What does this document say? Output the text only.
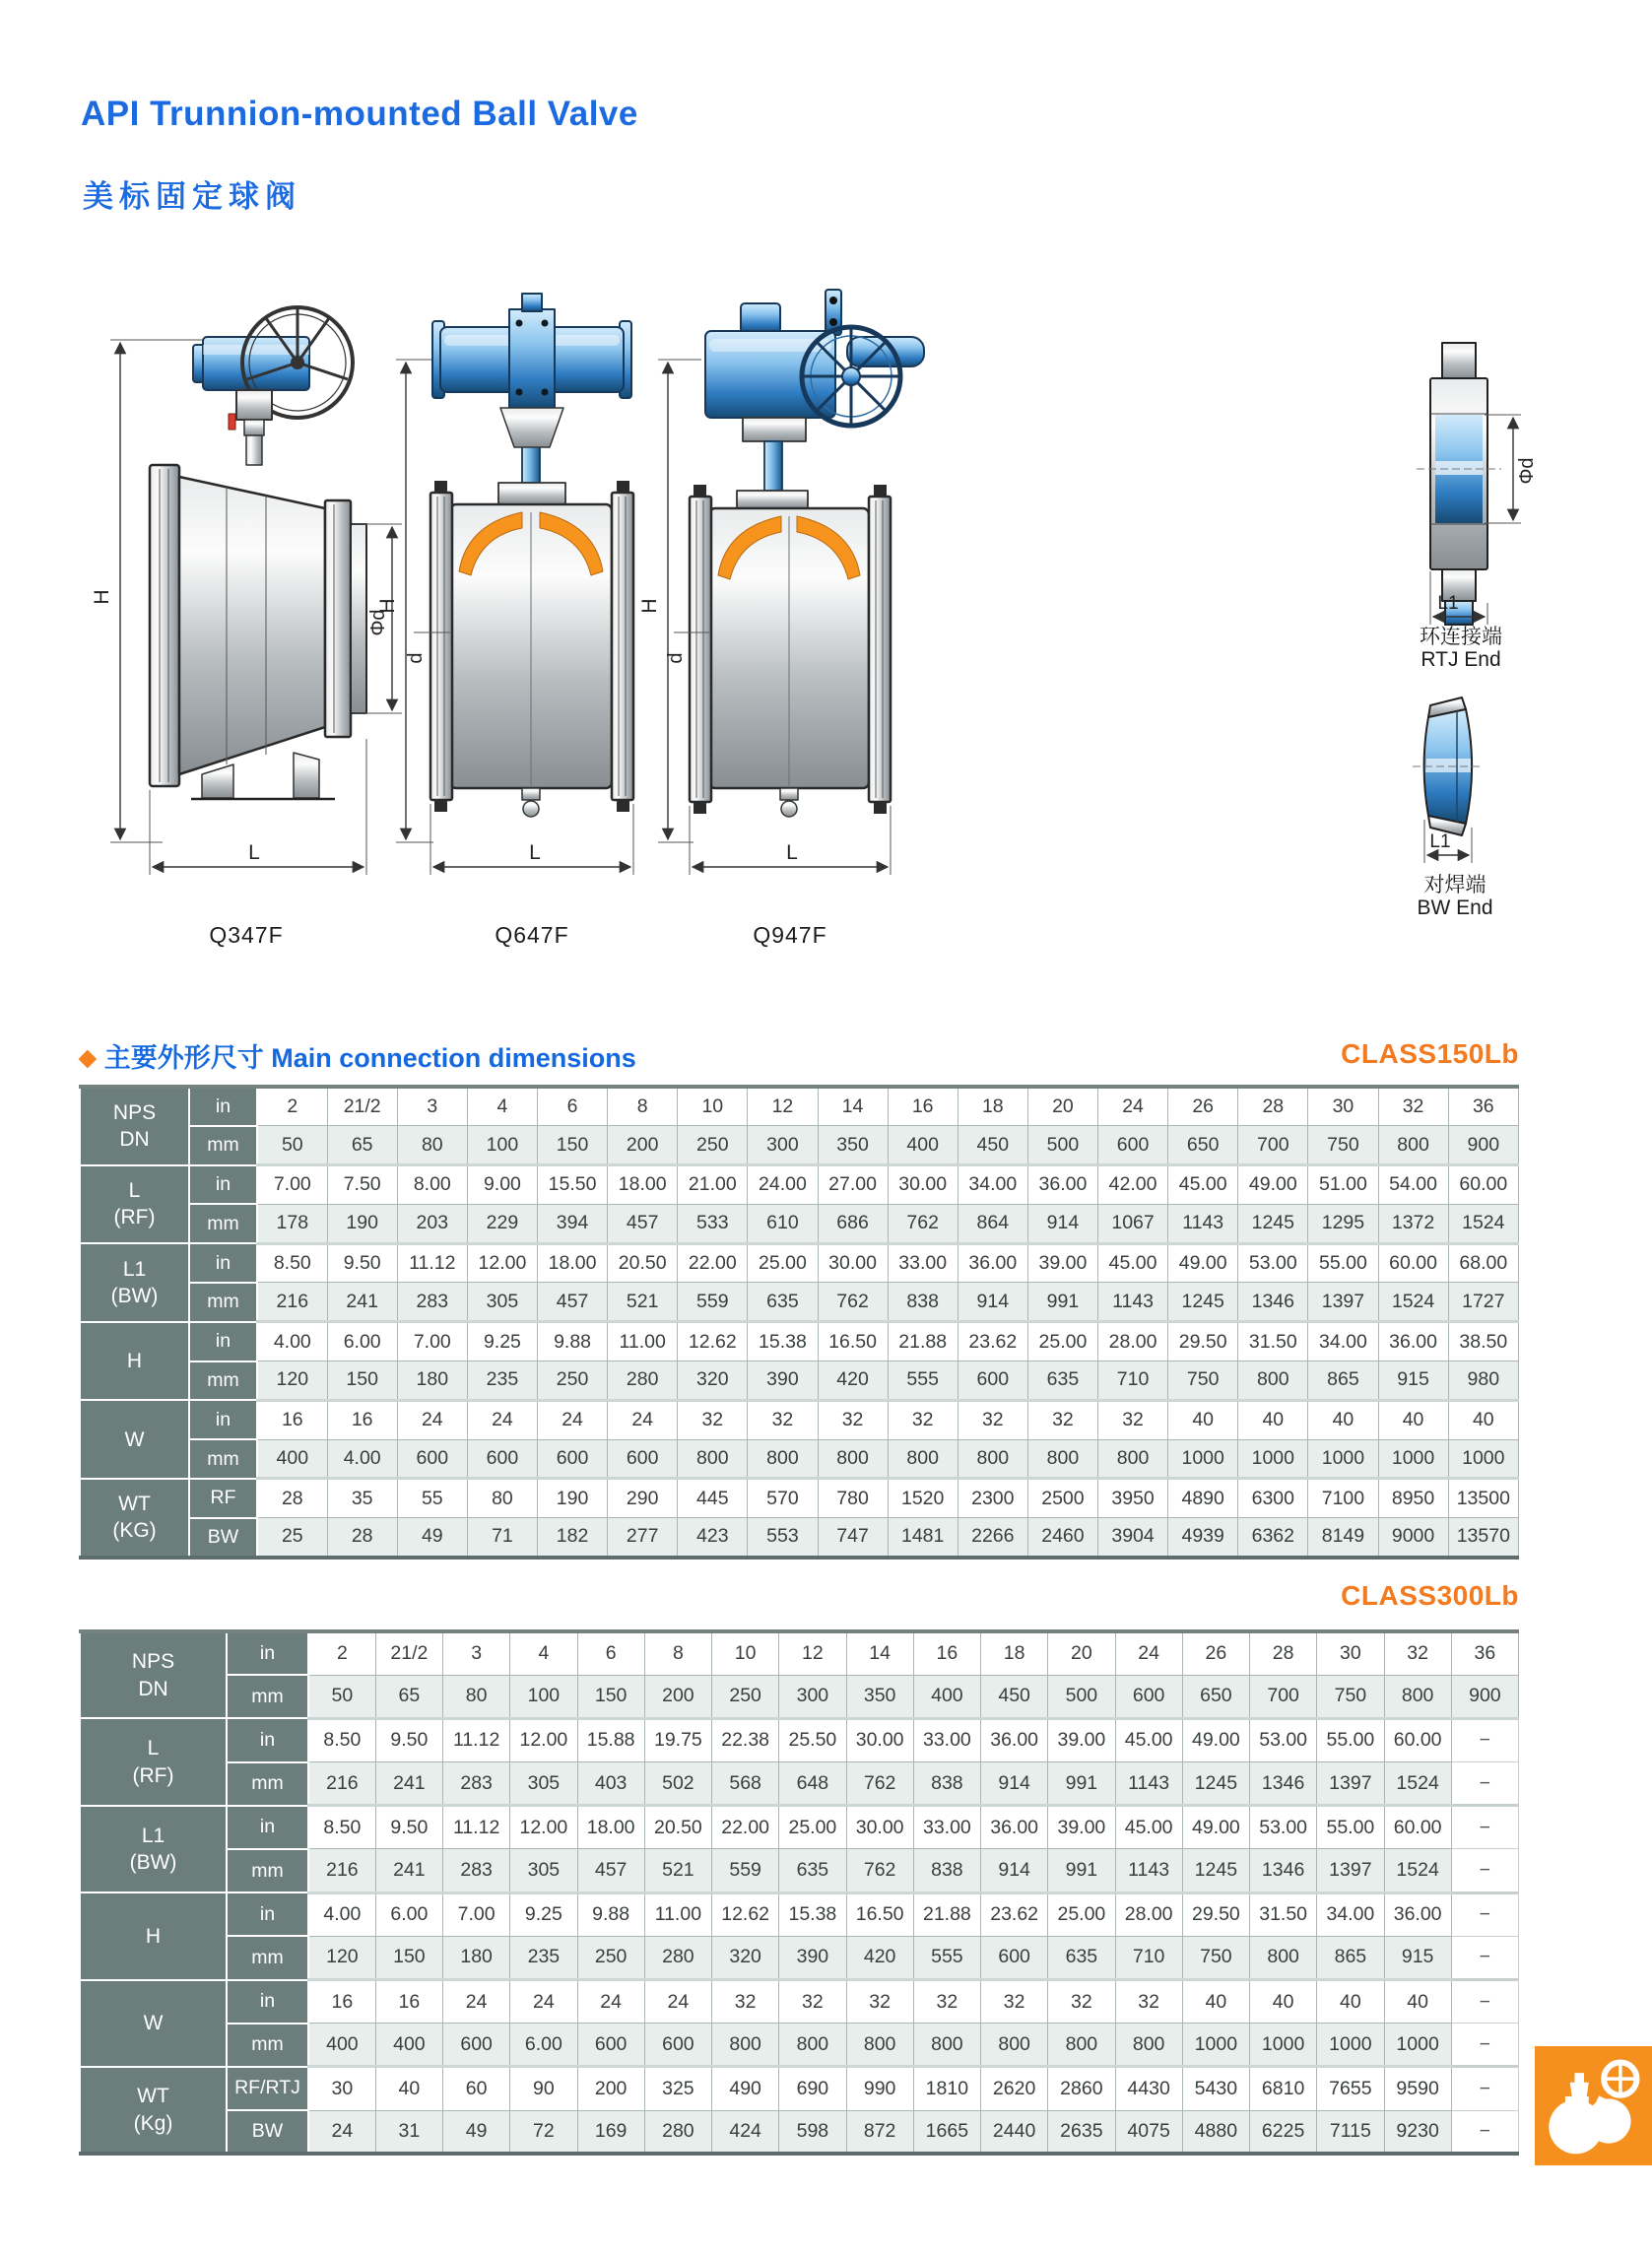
API Trunnion-mounted Ball Valve
美标固定球阀
H
Φd
L
d
H
L
d
H
L
Φd
L1
L1
Q347F	Q647F	Q947F
环连接端
RTJ End
对焊端
BW End
◆ 主要外形尺寸 Main connection dimensions	CLASS150Lb
NPS
DN	in	2	21/2	3	4	6	8	10	12	14	16	18	20	24	26	28	30	32	36
	mm	50	65	80	100	150	200	250	300	350	400	450	500	600	650	700	750	800	900

L
(RF)	in	7.00	7.50	8.00	9.00	15.50	18.00	21.00	24.00	27.00	30.00	34.00	36.00	42.00	45.00	49.00	51.00	54.00	60.00
	mm	178	190	203	229	394	457	533	610	686	762	864	914	1067	1143	1245	1295	1372	1524

L1
(BW)	in	8.50	9.50	11.12	12.00	18.00	20.50	22.00	25.00	30.00	33.00	36.00	39.00	45.00	49.00	53.00	55.00	60.00	68.00
	mm	216	241	283	305	457	521	559	635	762	838	914	991	1143	1245	1346	1397	1524	1727

H	in	4.00	6.00	7.00	9.25	9.88	11.00	12.62	15.38	16.50	21.88	23.62	25.00	28.00	29.50	31.50	34.00	36.00	38.50
	mm	120	150	180	235	250	280	320	390	420	555	600	635	710	750	800	865	915	980

W	in	16	16	24	24	24	24	32	32	32	32	32	32	32	40	40	40	40	40
	mm	400	4.00	600	600	600	600	800	800	800	800	800	800	800	1000	1000	1000	1000	1000

WT
(KG)	RF	28	35	55	80	190	290	445	570	780	1520	2300	2500	3950	4890	6300	7100	8950	13500
	BW	25	28	49	71	182	277	423	553	747	1481	2266	2460	3904	4939	6362	8149	9000	13570
CLASS300Lb
NPS
DN	in	2	21/2	3	4	6	8	10	12	14	16	18	20	24	26	28	30	32	36
	mm	50	65	80	100	150	200	250	300	350	400	450	500	600	650	700	750	800	900

L
(RF)	in	8.50	9.50	11.12	12.00	15.88	19.75	22.38	25.50	30.00	33.00	36.00	39.00	45.00	49.00	53.00	55.00	60.00	−
	mm	216	241	283	305	403	502	568	648	762	838	914	991	1143	1245	1346	1397	1524	−

L1
(BW)	in	8.50	9.50	11.12	12.00	18.00	20.50	22.00	25.00	30.00	33.00	36.00	39.00	45.00	49.00	53.00	55.00	60.00	−
	mm	216	241	283	305	457	521	559	635	762	838	914	991	1143	1245	1346	1397	1524	−

H	in	4.00	6.00	7.00	9.25	9.88	11.00	12.62	15.38	16.50	21.88	23.62	25.00	28.00	29.50	31.50	34.00	36.00	−
	mm	120	150	180	235	250	280	320	390	420	555	600	635	710	750	800	865	915	−

W	in	16	16	24	24	24	24	32	32	32	32	32	32	32	40	40	40	40	−
	mm	400	400	600	6.00	600	600	800	800	800	800	800	800	800	1000	1000	1000	1000	−

WT
(Kg)	RF/RTJ	30	40	60	90	200	325	490	690	990	1810	2620	2860	4430	5430	6810	7655	9590	−
	BW	24	31	49	72	169	280	424	598	872	1665	2440	2635	4075	4880	6225	7115	9230	−
